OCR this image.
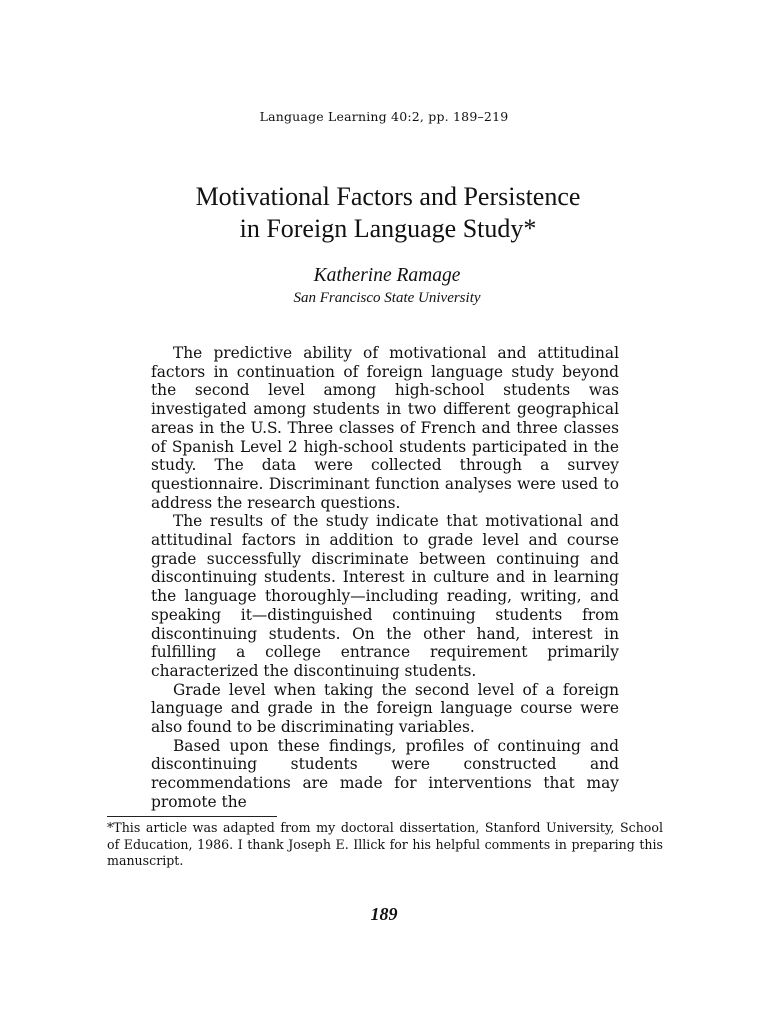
Language Learning 40:2, pp. 189–219
Motivational Factors and Persistence
in Foreign Language Study*
Katherine Ramage
San Francisco State University

The predictive ability of motivational and attitudinal factors in continuation of foreign language study beyond the second level among high-school students was investigated among students in two different geographical areas in the U.S. Three classes of French and three classes of Spanish Level 2 high-school students participated in the study. The data were collected through a survey questionnaire. Discriminant function analyses were used to address the research questions.

The results of the study indicate that motivational and attitudinal factors in addition to grade level and course grade successfully discriminate between continuing and discontinuing students. Interest in culture and in learning the language thoroughly—including reading, writing, and speaking it—distinguished continuing students from discontinuing students. On the other hand, interest in fulfilling a college entrance requirement primarily characterized the discontinuing students.

Grade level when taking the second level of a foreign language and grade in the foreign language course were also found to be discriminating variables.

Based upon these findings, profiles of continuing and discontinuing students were constructed and recommendations are made for interventions that may promote the

*This article was adapted from my doctoral dissertation, Stanford University, School of Education, 1986. I thank Joseph E. Illick for his helpful comments in preparing this manuscript.
189
